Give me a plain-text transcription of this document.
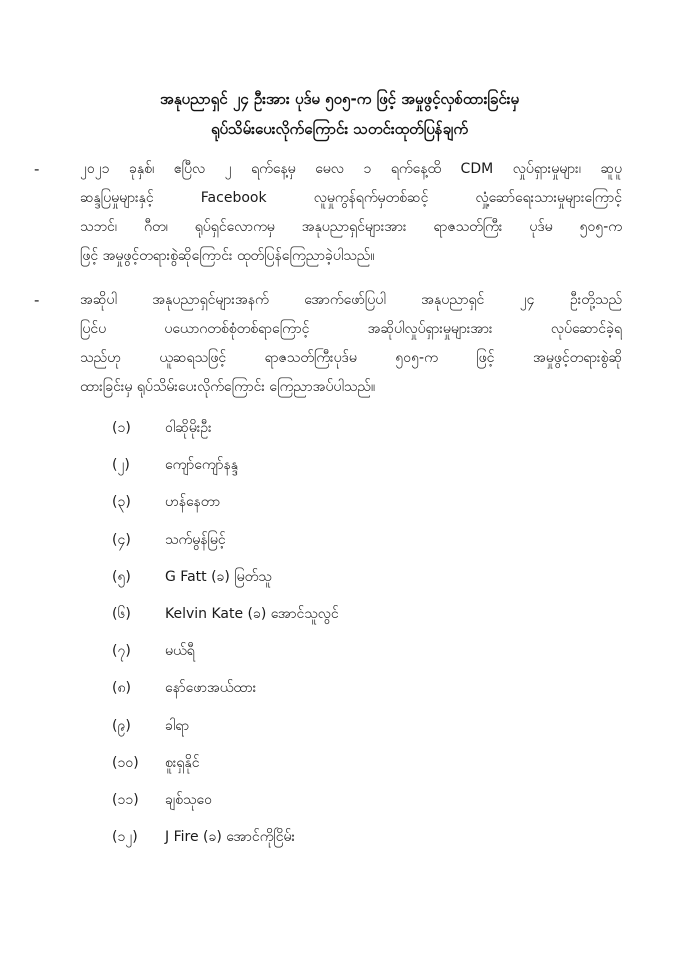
အနုပညာရှင် ၂၄ ဦးအား ပုဒ်မ ၅၀၅-က ဖြင့် အမှုဖွင့်လှစ်ထားခြင်းမှ
ရုပ်သိမ်းပေးလိုက်ကြောင်း သတင်းထုတ်ပြန်ချက်
-	၂၀၂၁ ခုနှစ်၊ ဧပြီလ ၂ ရက်နေ့မှ မေလ ၁ ရက်နေ့ထိ CDM လှုပ်ရှားမှုများ၊ ဆူပူ
ဆန္ဒပြမှုများနှင့် Facebook လူမှုကွန်ရက်မှတစ်ဆင့် လှုံ့ဆော်ရေးသားမှုများကြောင့်
သဘင်၊ ဂီတ၊ ရုပ်ရှင်လောကမှ အနုပညာရှင်များအား ရာဇသတ်ကြီး ပုဒ်မ ၅၀၅-က
ဖြင့် အမှုဖွင့်တရားစွဲဆိုကြောင်း ထုတ်ပြန်ကြေညာခဲ့ပါသည်။
-	အဆိုပါ အနုပညာရှင်များအနက် အောက်ဖော်ပြပါ အနုပညာရှင် ၂၄ ဦးတို့သည်
ပြင်ပ ပယောဂတစ်စုံတစ်ရာကြောင့် အဆိုပါလှုပ်ရှားမှုများအား လုပ်ဆောင်ခဲ့ရ
သည်ဟု ယူဆရသဖြင့် ရာဇသတ်ကြီးပုဒ်မ ၅၀၅-က ဖြင့် အမှုဖွင့်တရားစွဲဆို
ထားခြင်းမှ ရုပ်သိမ်းပေးလိုက်ကြောင်း ကြေညာအပ်ပါသည်။
(၁)	ဝါဆိုမိုးဦး
(၂)	ကျော်ကျော်နန္ဒ
(၃)	ဟန်နေတာ
(၄)	သက်မွန်မြင့်
(၅)	G Fatt (ခ) မြတ်သူ
(၆)	Kelvin Kate (ခ) အောင်သူလွင်
(၇)	မယ်ရီ
(၈)	နော်ဖောအယ်ထား
(၉)	ခါရာ
(၁၀)	စူးရှနိုင်
(၁၁)	ချစ်သုဝေ
(၁၂)	J Fire (ခ) အောင်ကိုငြိမ်း
